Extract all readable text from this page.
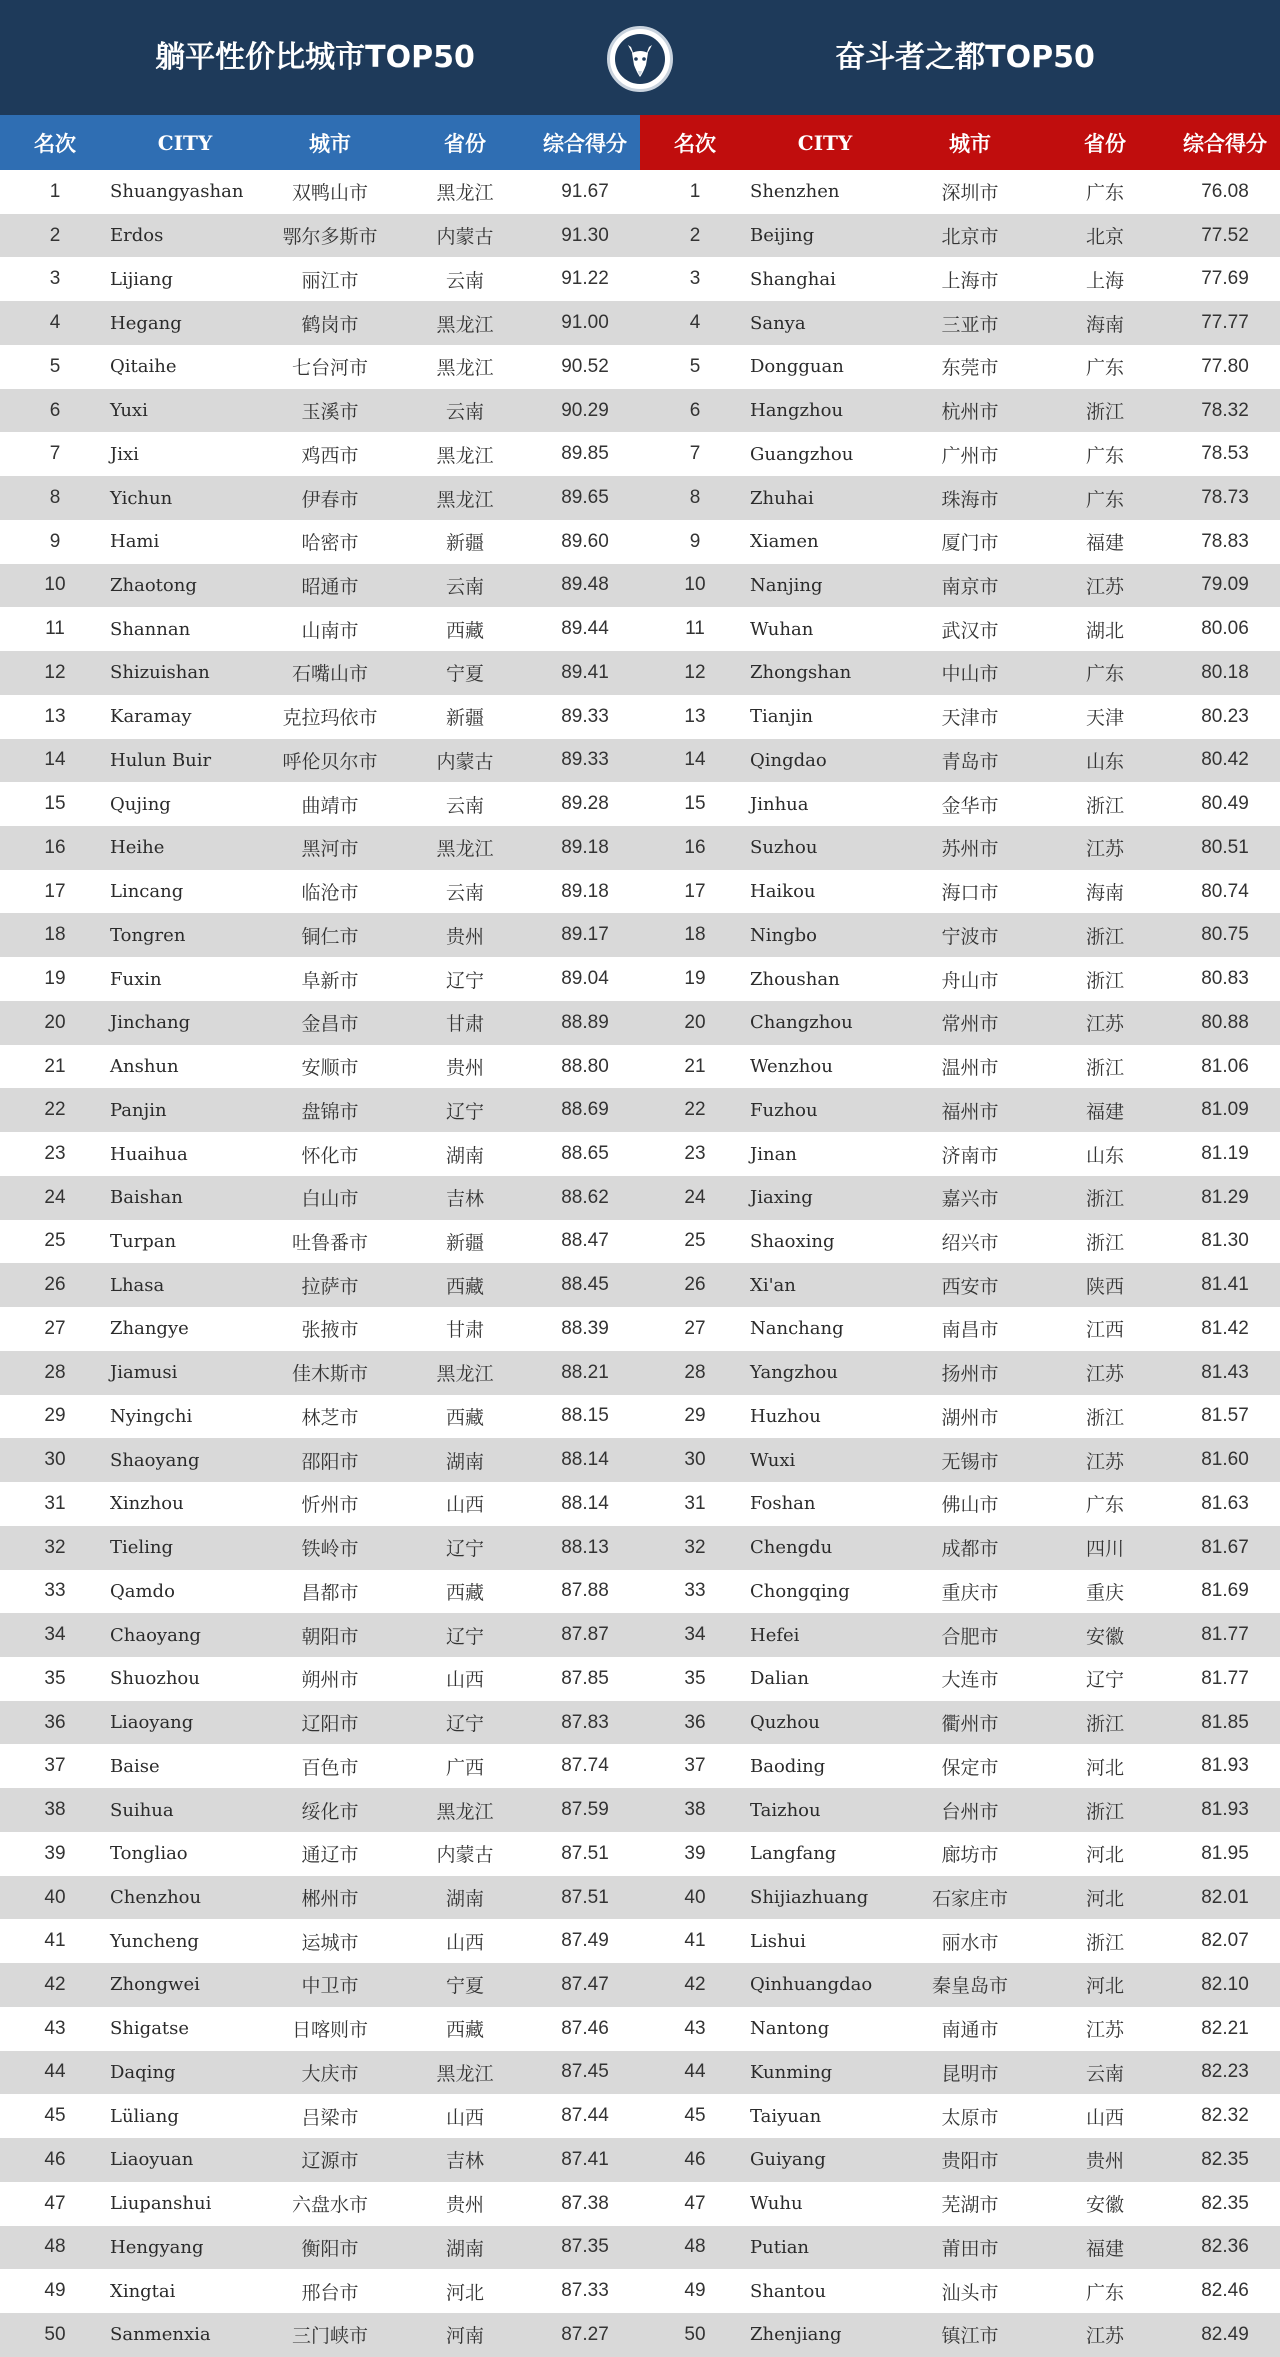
躺平性价比城市TOP50	奋斗者之都TOP50
名次	CITY	城市	省份	综合得分
1	Shuangyashan	双鸭山市	黑龙江	91.67
2	Erdos	鄂尔多斯市	内蒙古	91.30
3	Lijiang	丽江市	云南	91.22
4	Hegang	鹤岗市	黑龙江	91.00
5	Qitaihe	七台河市	黑龙江	90.52
6	Yuxi	玉溪市	云南	90.29
7	Jixi	鸡西市	黑龙江	89.85
8	Yichun	伊春市	黑龙江	89.65
9	Hami	哈密市	新疆	89.60
10	Zhaotong	昭通市	云南	89.48
11	Shannan	山南市	西藏	89.44
12	Shizuishan	石嘴山市	宁夏	89.41
13	Karamay	克拉玛依市	新疆	89.33
14	Hulun Buir	呼伦贝尔市	内蒙古	89.33
15	Qujing	曲靖市	云南	89.28
16	Heihe	黑河市	黑龙江	89.18
17	Lincang	临沧市	云南	89.18
18	Tongren	铜仁市	贵州	89.17
19	Fuxin	阜新市	辽宁	89.04
20	Jinchang	金昌市	甘肃	88.89
21	Anshun	安顺市	贵州	88.80
22	Panjin	盘锦市	辽宁	88.69
23	Huaihua	怀化市	湖南	88.65
24	Baishan	白山市	吉林	88.62
25	Turpan	吐鲁番市	新疆	88.47
26	Lhasa	拉萨市	西藏	88.45
27	Zhangye	张掖市	甘肃	88.39
28	Jiamusi	佳木斯市	黑龙江	88.21
29	Nyingchi	林芝市	西藏	88.15
30	Shaoyang	邵阳市	湖南	88.14
31	Xinzhou	忻州市	山西	88.14
32	Tieling	铁岭市	辽宁	88.13
33	Qamdo	昌都市	西藏	87.88
34	Chaoyang	朝阳市	辽宁	87.87
35	Shuozhou	朔州市	山西	87.85
36	Liaoyang	辽阳市	辽宁	87.83
37	Baise	百色市	广西	87.74
38	Suihua	绥化市	黑龙江	87.59
39	Tongliao	通辽市	内蒙古	87.51
40	Chenzhou	郴州市	湖南	87.51
41	Yuncheng	运城市	山西	87.49
42	Zhongwei	中卫市	宁夏	87.47
43	Shigatse	日喀则市	西藏	87.46
44	Daqing	大庆市	黑龙江	87.45
45	Lüliang	吕梁市	山西	87.44
46	Liaoyuan	辽源市	吉林	87.41
47	Liupanshui	六盘水市	贵州	87.38
48	Hengyang	衡阳市	湖南	87.35
49	Xingtai	邢台市	河北	87.33
50	Sanmenxia	三门峡市	河南	87.27
名次	CITY	城市	省份	综合得分
1	Shenzhen	深圳市	广东	76.08
2	Beijing	北京市	北京	77.52
3	Shanghai	上海市	上海	77.69
4	Sanya	三亚市	海南	77.77
5	Dongguan	东莞市	广东	77.80
6	Hangzhou	杭州市	浙江	78.32
7	Guangzhou	广州市	广东	78.53
8	Zhuhai	珠海市	广东	78.73
9	Xiamen	厦门市	福建	78.83
10	Nanjing	南京市	江苏	79.09
11	Wuhan	武汉市	湖北	80.06
12	Zhongshan	中山市	广东	80.18
13	Tianjin	天津市	天津	80.23
14	Qingdao	青岛市	山东	80.42
15	Jinhua	金华市	浙江	80.49
16	Suzhou	苏州市	江苏	80.51
17	Haikou	海口市	海南	80.74
18	Ningbo	宁波市	浙江	80.75
19	Zhoushan	舟山市	浙江	80.83
20	Changzhou	常州市	江苏	80.88
21	Wenzhou	温州市	浙江	81.06
22	Fuzhou	福州市	福建	81.09
23	Jinan	济南市	山东	81.19
24	Jiaxing	嘉兴市	浙江	81.29
25	Shaoxing	绍兴市	浙江	81.30
26	Xi'an	西安市	陕西	81.41
27	Nanchang	南昌市	江西	81.42
28	Yangzhou	扬州市	江苏	81.43
29	Huzhou	湖州市	浙江	81.57
30	Wuxi	无锡市	江苏	81.60
31	Foshan	佛山市	广东	81.63
32	Chengdu	成都市	四川	81.67
33	Chongqing	重庆市	重庆	81.69
34	Hefei	合肥市	安徽	81.77
35	Dalian	大连市	辽宁	81.77
36	Quzhou	衢州市	浙江	81.85
37	Baoding	保定市	河北	81.93
38	Taizhou	台州市	浙江	81.93
39	Langfang	廊坊市	河北	81.95
40	Shijiazhuang	石家庄市	河北	82.01
41	Lishui	丽水市	浙江	82.07
42	Qinhuangdao	秦皇岛市	河北	82.10
43	Nantong	南通市	江苏	82.21
44	Kunming	昆明市	云南	82.23
45	Taiyuan	太原市	山西	82.32
46	Guiyang	贵阳市	贵州	82.35
47	Wuhu	芜湖市	安徽	82.35
48	Putian	莆田市	福建	82.36
49	Shantou	汕头市	广东	82.46
50	Zhenjiang	镇江市	江苏	82.49
